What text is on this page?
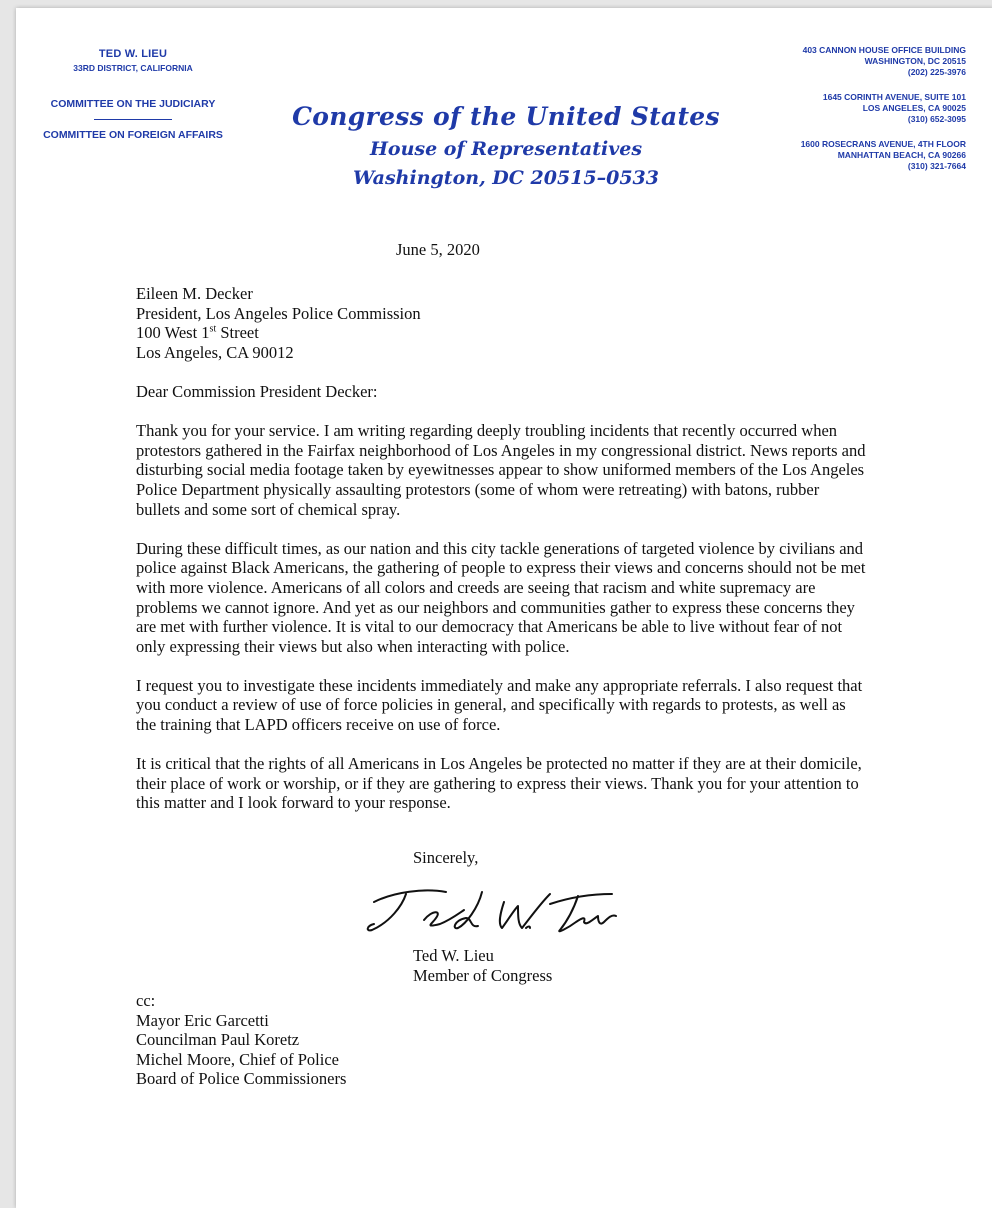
TED W. LIEU
33RD DISTRICT, CALIFORNIA
COMMITTEE ON THE JUDICIARY
COMMITTEE ON FOREIGN AFFAIRS
Congress of the United States
House of Representatives
Washington, DC 20515–0533
403 CANNON HOUSE OFFICE BUILDING
WASHINGTON, DC 20515
(202) 225-3976
1645 CORINTH AVENUE, SUITE 101
LOS ANGELES, CA 90025
(310) 652-3095
1600 ROSECRANS AVENUE, 4TH FLOOR
MANHATTAN BEACH, CA 90266
(310) 321-7664
June 5, 2020
Eileen M. Decker
President, Los Angeles Police Commission
100 West 1st Street
Los Angeles, CA 90012
Dear Commission President Decker:
Thank you for your service. I am writing regarding deeply troubling incidents that recently occurred when protestors gathered in the Fairfax neighborhood of Los Angeles in my congressional district. News reports and disturbing social media footage taken by eyewitnesses appear to show uniformed members of the Los Angeles Police Department physically assaulting protestors (some of whom were retreating) with batons, rubber bullets and some sort of chemical spray.
During these difficult times, as our nation and this city tackle generations of targeted violence by civilians and police against Black Americans, the gathering of people to express their views and concerns should not be met with more violence. Americans of all colors and creeds are seeing that racism and white supremacy are problems we cannot ignore. And yet as our neighbors and communities gather to express these concerns they are met with further violence. It is vital to our democracy that Americans be able to live without fear of not only expressing their views but also when interacting with police.
I request you to investigate these incidents immediately and make any appropriate referrals. I also request that you conduct a review of use of force policies in general, and specifically with regards to protests, as well as the training that LAPD officers receive on use of force.
It is critical that the rights of all Americans in Los Angeles be protected no matter if they are at their domicile, their place of work or worship, or if they are gathering to express their views. Thank you for your attention to this matter and I look forward to your response.
Sincerely,
Ted W. Lieu
Member of Congress
cc:
Mayor Eric Garcetti
Councilman Paul Koretz
Michel Moore, Chief of Police
Board of Police Commissioners
